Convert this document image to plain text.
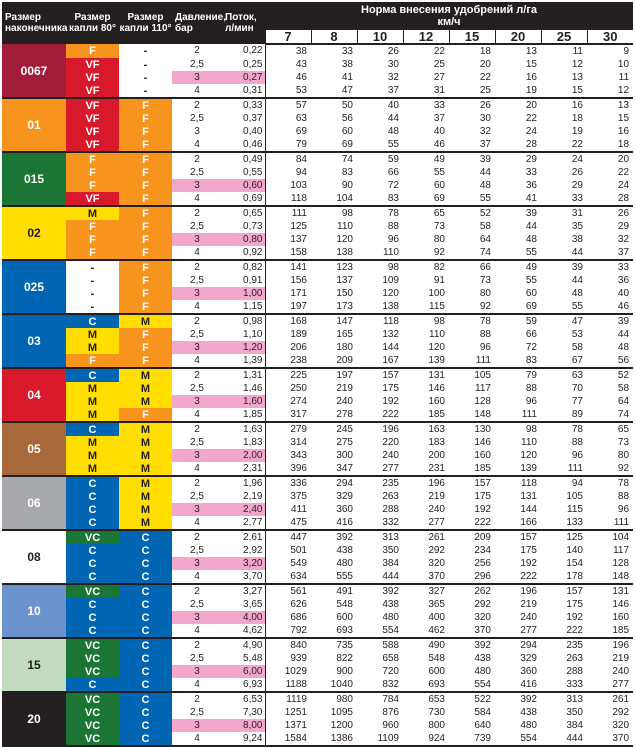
Размер наконечника	Размер капли 80°	Размер капли 110°	Давление, бар	Поток, л/мин	Норма внесения удобрений л/га
км/ч							
					7	8	10	12	15	20	25	30
0067	F	-	2	0,22	38	33	26	22	18	13	11	9
	VF	-	2,5	0,25	43	38	30	25	20	15	12	10
	VF	-	3	0,27	46	41	32	27	22	16	13	11
	VF	-	4	0,31	53	47	37	31	25	19	15	12
01	VF	F	2	0,33	57	50	40	33	26	20	16	13
	VF	F	2,5	0,37	63	56	44	37	30	22	18	15
	VF	F	3	0,40	69	60	48	40	32	24	19	16
	VF	F	4	0,46	79	69	55	46	37	28	22	18
015	F	F	2	0,49	84	74	59	49	39	29	24	20
	F	F	2,5	0,55	94	83	66	55	44	33	26	22
	F	F	3	0,60	103	90	72	60	48	36	29	24
	VF	F	4	0,69	118	104	83	69	55	41	33	28
02	M	F	2	0,65	111	98	78	65	52	39	31	26
	F	F	2,5	0,73	125	110	88	73	58	44	35	29
	F	F	3	0,80	137	120	96	80	64	48	38	32
	F	F	4	0,92	158	138	110	92	74	55	44	37
025	-	F	2	0,82	141	123	98	82	66	49	39	33
	-	F	2,5	0,91	156	137	109	91	73	55	44	36
	-	F	3	1,00	171	150	120	100	80	60	48	40
	-	F	4	1,15	197	173	138	115	92	69	55	46
03	C	M	2	0,98	168	147	118	98	78	59	47	39
	M	F	2,5	1,10	189	165	132	110	88	66	53	44
	M	F	3	1,20	206	180	144	120	96	72	58	48
	F	F	4	1,39	238	209	167	139	111	83	67	56
04	C	M	2	1,31	225	197	157	131	105	79	63	52
	M	M	2,5	1,46	250	219	175	146	117	88	70	58
	M	M	3	1,60	274	240	192	160	128	96	77	64
	M	F	4	1,85	317	278	222	185	148	111	89	74
05	C	M	2	1,63	279	245	196	163	130	98	78	65
	M	M	2,5	1,83	314	275	220	183	146	110	88	73
	M	M	3	2,00	343	300	240	200	160	120	96	80
	M	M	4	2,31	396	347	277	231	185	139	111	92
06	C	M	2	1,96	336	294	235	196	157	118	94	78
	C	M	2,5	2,19	375	329	263	219	175	131	105	88
	C	M	3	2,40	411	360	288	240	192	144	115	96
	C	M	4	2,77	475	416	332	277	222	166	133	111
08	VC	C	2	2,61	447	392	313	261	209	157	125	104
	C	C	2,5	2,92	501	438	350	292	234	175	140	117
	C	C	3	3,20	549	480	384	320	256	192	154	128
	C	C	4	3,70	634	555	444	370	296	222	178	148
10	VC	C	2	3,27	561	491	392	327	262	196	157	131
	C	C	2,5	3,65	626	548	438	365	292	219	175	146
	C	C	3	4,00	686	600	480	400	320	240	192	160
	C	C	4	4,62	792	693	554	462	370	277	222	185
15	VC	C	2	4,90	840	735	588	490	392	294	235	196
	VC	C	2,5	5,48	939	822	658	548	438	329	263	219
	VC	C	3	6,00	1029	900	720	600	480	360	288	240
	C	C	4	6,93	1188	1040	832	693	554	416	333	277
20	VC	C	2	6,53	1119	980	784	653	522	392	313	261
	VC	C	2,5	7,30	1251	1095	876	730	584	438	350	292
	VC	C	3	8,00	1371	1200	960	800	640	480	384	320
	VC	C	4	9,24	1584	1386	1109	924	739	554	444	370
